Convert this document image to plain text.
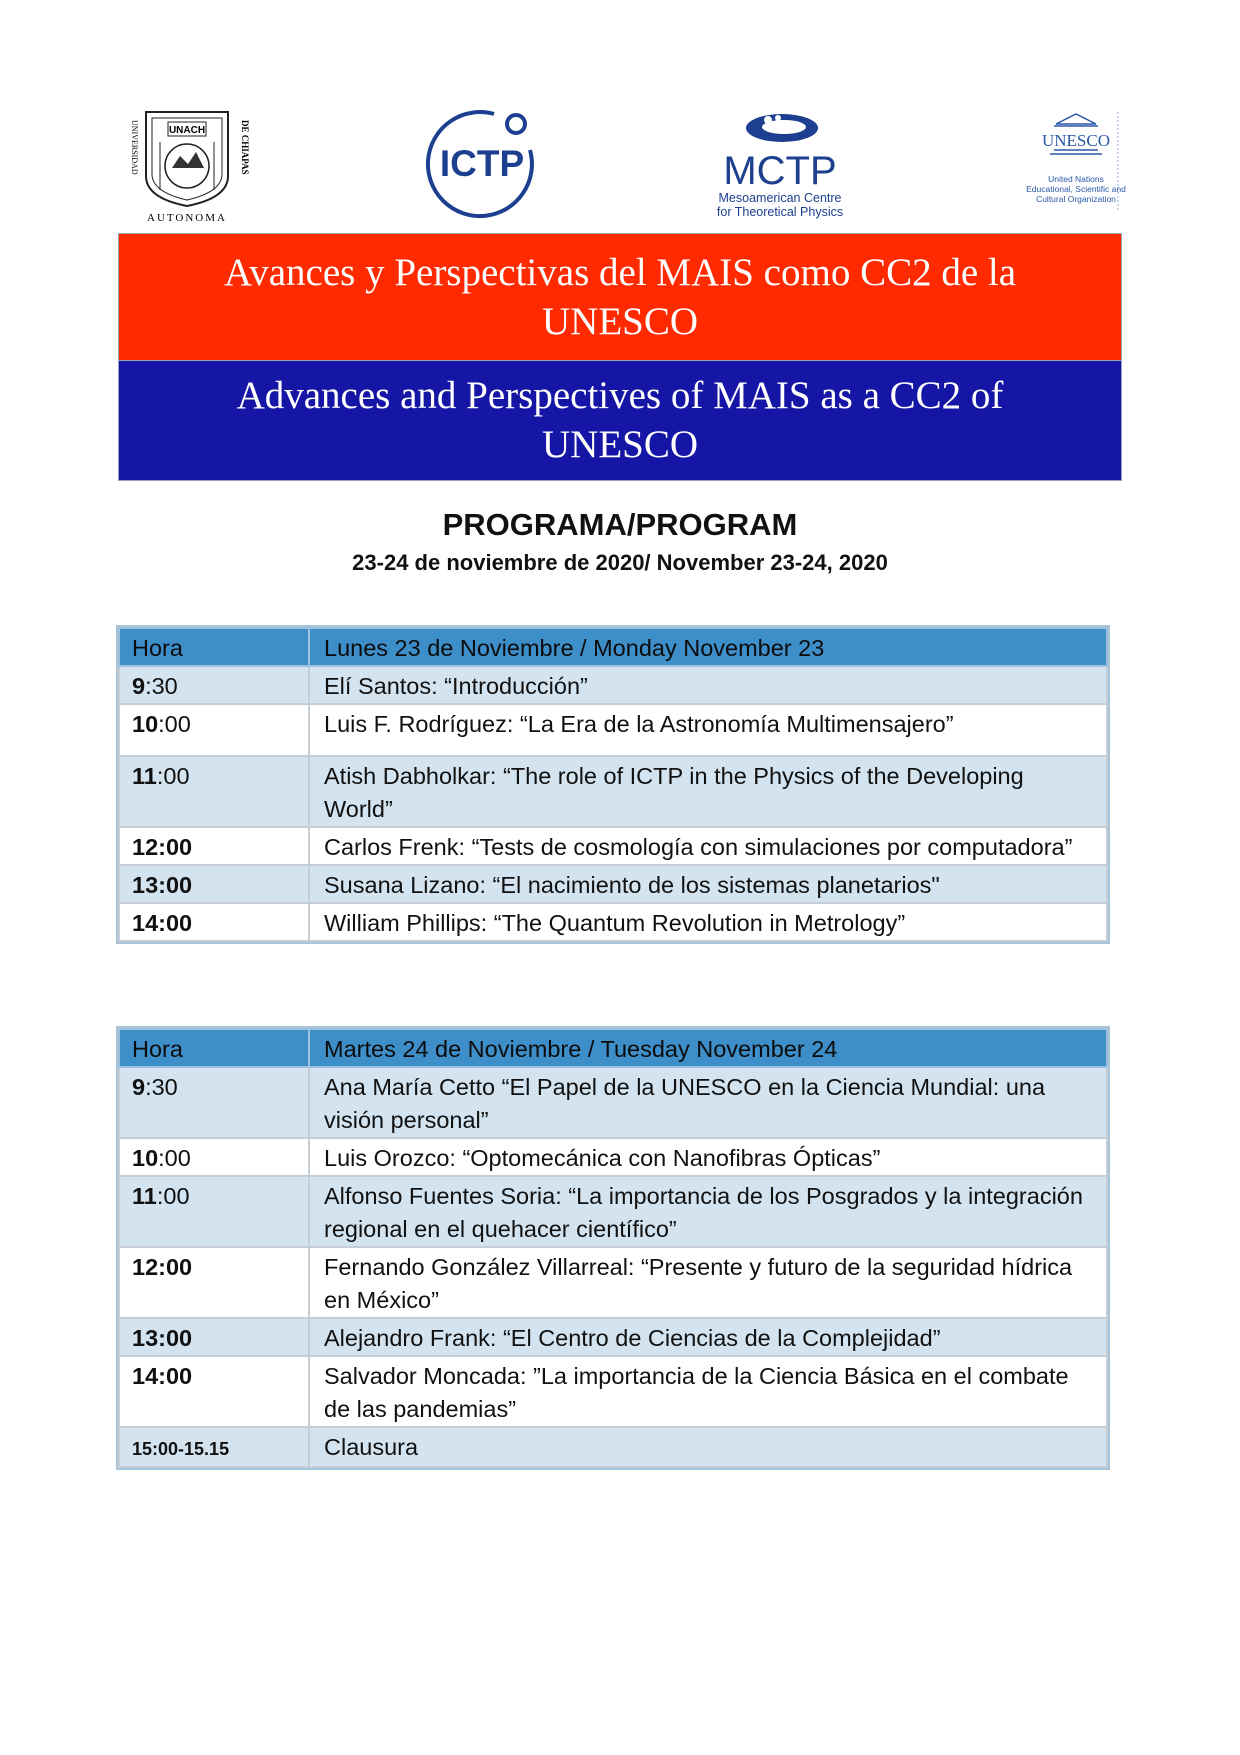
UNIVERSIDAD	DE CHIAPAS
UNACH
AUTONOMA
ICTP	MCTP
Mesoamerican Centre
for Theoretical Physics
UNESCO
United Nations
Educational, Scientific and
Cultural Organization
Avances y Perspectivas del MAIS como CC2 de la
UNESCO
Advances and Perspectives of MAIS as a CC2 of
UNESCO
PROGRAMA/PROGRAM
23-24 de noviembre de 2020/ November 23-24, 2020
Hora	Lunes 23 de Noviembre / Monday November 23
9:30	Elí Santos: “Introducción”
10:00	Luis F. Rodríguez: “La Era de la Astronomía Multimensajero”
11:00	Atish Dabholkar: “The role of ICTP in the Physics of the Developing World”
12:00	Carlos Frenk: “Tests de cosmología con simulaciones por computadora”
13:00	Susana Lizano: “El nacimiento de los sistemas planetarios"
14:00	William Phillips: “The Quantum Revolution in Metrology”
Hora	Martes 24 de Noviembre / Tuesday November 24
9:30	Ana María Cetto “El Papel de la UNESCO en la Ciencia Mundial: una visión personal”
10:00	Luis Orozco: “Optomecánica con Nanofibras Ópticas”
11:00	Alfonso Fuentes Soria: “La importancia de los Posgrados y la integración regional en el quehacer científico”
12:00	Fernando González Villarreal: “Presente y futuro de la seguridad hídrica en México”
13:00	Alejandro Frank: “El Centro de Ciencias de la Complejidad”
14:00	Salvador Moncada: ”La importancia de la Ciencia Básica en el combate de las pandemias”
15:00-15.15	Clausura
